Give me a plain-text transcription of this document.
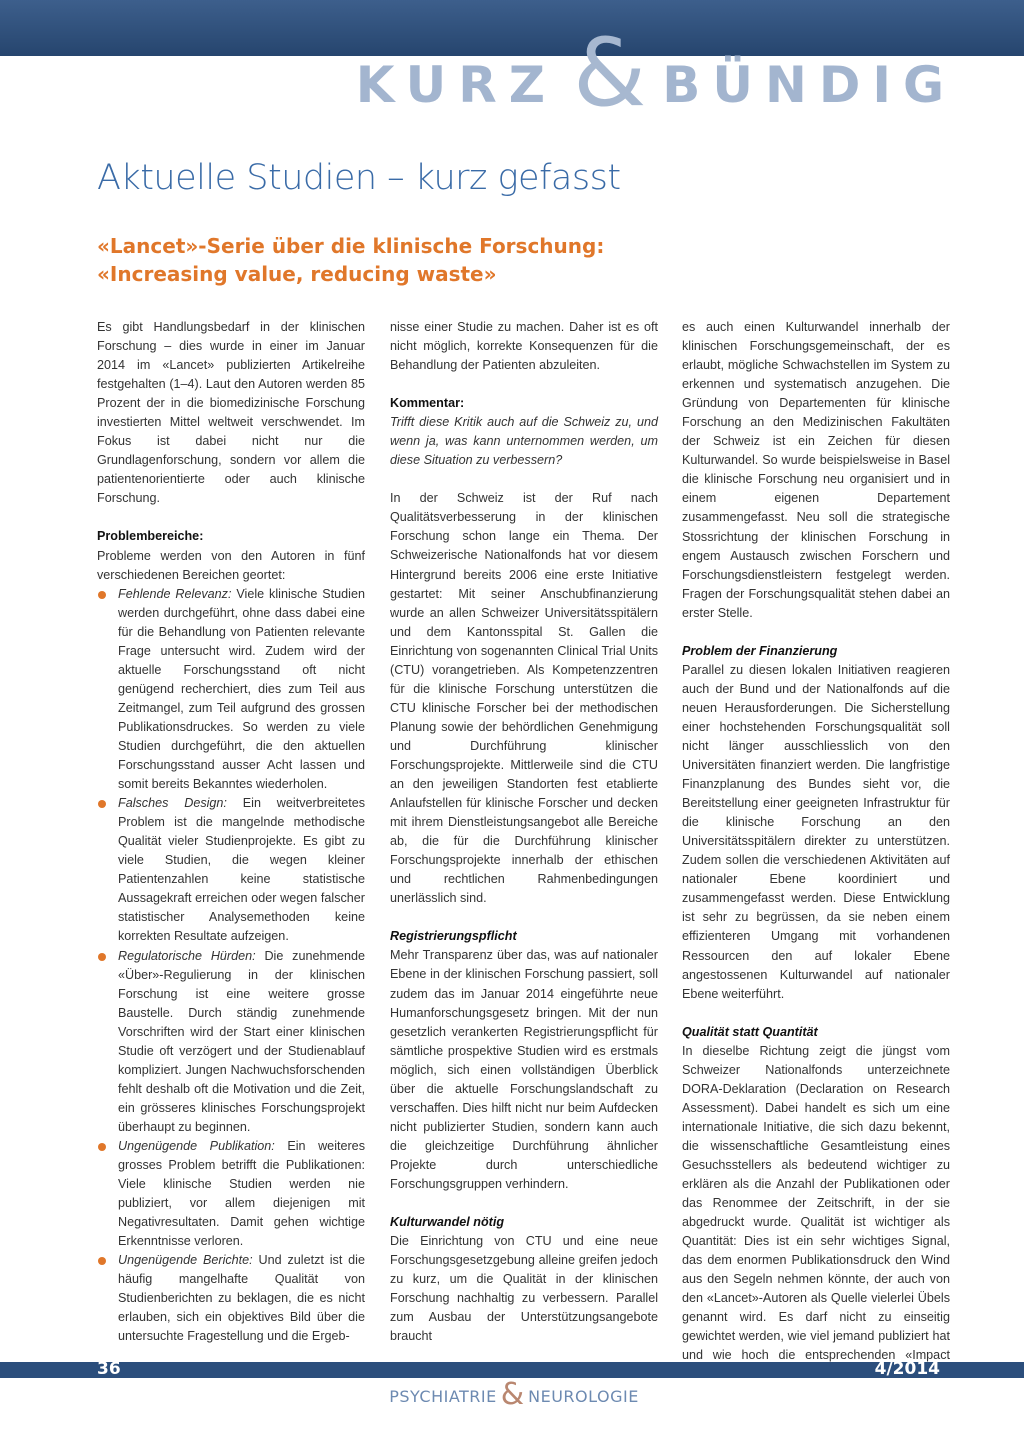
KURZ & BÜNDIG
Aktuelle Studien – kurz gefasst
«Lancet»-Serie über die klinische Forschung:
«Increasing value, reducing waste»

Es gibt Handlungsbedarf in der klinischen Forschung – dies wurde in einer im Januar 2014 im «Lancet» publizierten Artikelreihe festgehalten (1–4). Laut den Autoren werden 85 Prozent der in die biomedizinische Forschung investierten Mittel weltweit verschwendet. Im Fokus ist dabei nicht nur die Grundlagenforschung, sondern vor allem die patientenorientierte oder auch klinische Forschung.

Problembereiche:

Probleme werden von den Autoren in fünf verschiedenen Bereichen geortet:

Fehlende Relevanz: Viele klinische Studien werden durchgeführt, ohne dass dabei eine für die Behandlung von Patienten relevante Frage untersucht wird. Zudem wird der aktuelle Forschungsstand oft nicht genügend recherchiert, dies zum Teil aus Zeitmangel, zum Teil aufgrund des grossen Publikationsdruckes. So werden zu viele Studien durchgeführt, die den aktuellen Forschungsstand ausser Acht lassen und somit bereits Bekanntes wiederholen.
Falsches Design: Ein weitverbreitetes Problem ist die mangelnde methodische Qualität vieler Studienprojekte. Es gibt zu viele Studien, die wegen kleiner Patientenzahlen keine statistische Aussagekraft erreichen oder wegen falscher statistischer Analysemethoden keine korrekten Resultate aufzeigen.
Regulatorische Hürden: Die zunehmende «Über»-Regulierung in der klinischen Forschung ist eine weitere grosse Baustelle. Durch ständig zunehmende Vorschriften wird der Start einer klinischen Studie oft verzögert und der Studienablauf kompliziert. Jungen Nachwuchsforschenden fehlt deshalb oft die Motivation und die Zeit, ein grösseres klinisches Forschungsprojekt überhaupt zu beginnen.
Ungenügende Publikation: Ein weiteres grosses Problem betrifft die Publikationen: Viele klinische Studien werden nie publiziert, vor allem diejenigen mit Negativresultaten. Damit gehen wichtige Erkenntnisse verloren.
Ungenügende Berichte: Und zuletzt ist die häufig mangelhafte Qualität von Studienberichten zu beklagen, die es nicht erlauben, sich ein objektives Bild über die untersuchte Fragestellung und die Ergeb-

nisse einer Studie zu machen. Daher ist es oft nicht möglich, korrekte Konsequenzen für die Behandlung der Patienten abzuleiten.

Kommentar:

Trifft diese Kritik auch auf die Schweiz zu, und wenn ja, was kann unternommen werden, um diese Situation zu verbessern?

In der Schweiz ist der Ruf nach Qualitätsverbesserung in der klinischen Forschung schon lange ein Thema. Der Schweizerische Nationalfonds hat vor diesem Hintergrund bereits 2006 eine erste Initiative gestartet: Mit seiner Anschubfinanzierung wurde an allen Schweizer Universitätsspitälern und dem Kantonsspital St. Gallen die Einrichtung von sogenannten Clinical Trial Units (CTU) vorangetrieben. Als Kompetenzzentren für die klinische Forschung unterstützen die CTU klinische Forscher bei der methodischen Planung sowie der behördlichen Genehmigung und Durchführung klinischer Forschungsprojekte. Mittlerweile sind die CTU an den jeweiligen Standorten fest etablierte Anlaufstellen für klinische Forscher und decken mit ihrem Dienstleistungsangebot alle Bereiche ab, die für die Durchführung klinischer Forschungsprojekte innerhalb der ethischen und rechtlichen Rahmenbedingungen unerlässlich sind.

Registrierungspflicht

Mehr Transparenz über das, was auf nationaler Ebene in der klinischen Forschung passiert, soll zudem das im Januar 2014 eingeführte neue Humanforschungsgesetz bringen. Mit der nun gesetzlich verankerten Registrierungspflicht für sämtliche prospektive Studien wird es erstmals möglich, sich einen vollständigen Überblick über die aktuelle Forschungslandschaft zu verschaffen. Dies hilft nicht nur beim Aufdecken nicht publizierter Studien, sondern kann auch die gleichzeitige Durchführung ähnlicher Projekte durch unterschiedliche Forschungsgruppen verhindern.

Kulturwandel nötig

Die Einrichtung von CTU und eine neue Forschungsgesetzgebung alleine greifen jedoch zu kurz, um die Qualität in der klinischen Forschung nachhaltig zu verbessern. Parallel zum Ausbau der Unterstützungsangebote braucht

es auch einen Kulturwandel innerhalb der klinischen Forschungsgemeinschaft, der es erlaubt, mögliche Schwachstellen im System zu erkennen und systematisch anzugehen. Die Gründung von Departementen für klinische Forschung an den Medizinischen Fakultäten der Schweiz ist ein Zeichen für diesen Kulturwandel. So wurde beispielsweise in Basel die klinische Forschung neu organisiert und in einem eigenen Departement zusammengefasst. Neu soll die strategische Stossrichtung der klinischen Forschung in engem Austausch zwischen Forschern und Forschungsdienstleistern festgelegt werden. Fragen der Forschungsqualität stehen dabei an erster Stelle.

Problem der Finanzierung

Parallel zu diesen lokalen Initiativen reagieren auch der Bund und der Nationalfonds auf die neuen Herausforderungen. Die Sicherstellung einer hochstehenden Forschungsqualität soll nicht länger ausschliesslich von den Universitäten finanziert werden. Die langfristige Finanzplanung des Bundes sieht vor, die Bereitstellung einer geeigneten Infrastruktur für die klinische Forschung an den Universitätsspitälern direkter zu unterstützen. Zudem sollen die verschiedenen Aktivitäten auf nationaler Ebene koordiniert und zusammengefasst werden. Diese Entwicklung ist sehr zu begrüssen, da sie neben einem effizienteren Umgang mit vorhandenen Ressourcen den auf lokaler Ebene angestossenen Kulturwandel auf nationaler Ebene weiterführt.

Qualität statt Quantität

In dieselbe Richtung zeigt die jüngst vom Schweizer Nationalfonds unterzeichnete DORA-Deklaration (Declaration on Research Assessment). Dabei handelt es sich um eine internationale Initiative, die sich dazu bekennt, die wissenschaftliche Gesamtleistung eines Gesuchsstellers als bedeutend wichtiger zu erklären als die Anzahl der Publikationen oder das Renommee der Zeitschrift, in der sie abgedruckt wurde. Qualität ist wichtiger als Quantität: Dies ist ein sehr wichtiges Signal, das dem enormen Publikationsdruck den Wind aus den Segeln nehmen könnte, der auch von den «Lancet»-Autoren als Quelle vielerlei Übels genannt wird. Es darf nicht zu einseitig gewichtet werden, wie viel jemand publiziert hat und wie hoch die entsprechenden «Impact

36	4/2014
PSYCHIATRIE & NEUROLOGIE
